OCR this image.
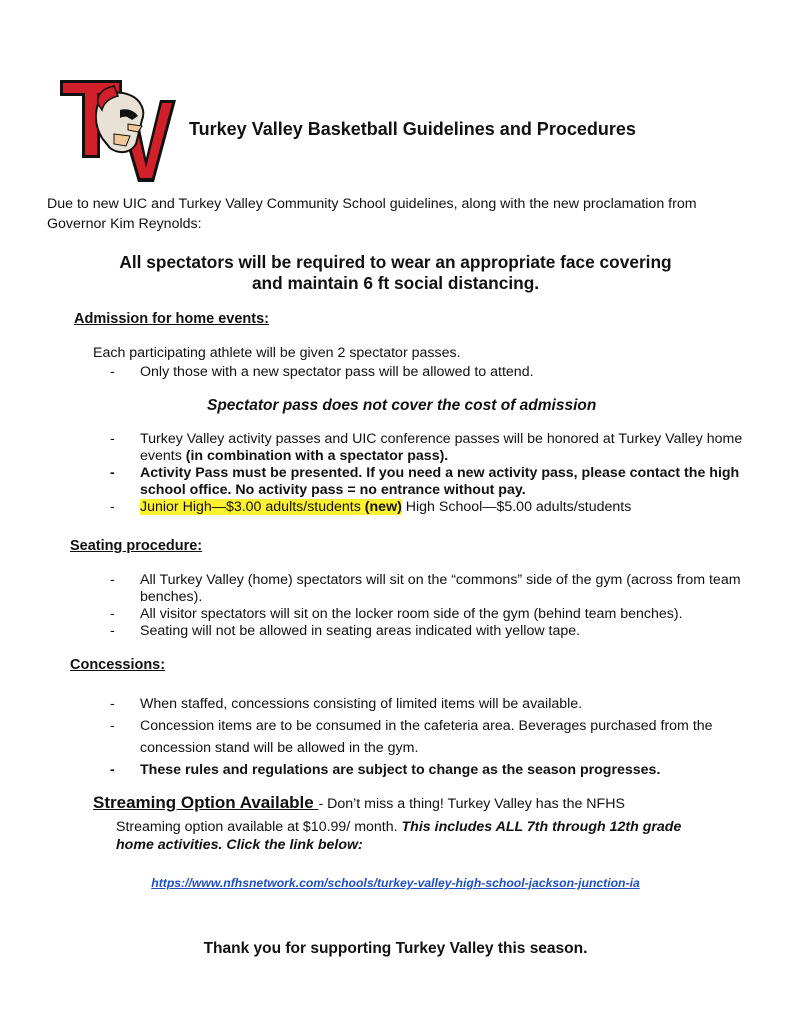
Turkey Valley Basketball Guidelines and Procedures
Due to new UIC and Turkey Valley Community School guidelines, along with the new proclamation from Governor Kim Reynolds:
All spectators will be required to wear an appropriate face covering
and maintain 6 ft social distancing.
Admission for home events:
Each participating athlete will be given 2 spectator passes.
- Only those with a new spectator pass will be allowed to attend.
Spectator pass does not cover the cost of admission
- Turkey Valley activity passes and UIC conference passes will be honored at Turkey Valley home events (in combination with a spectator pass).
- Activity Pass must be presented. If you need a new activity pass, please contact the high school office. No activity pass = no entrance without pay.
- Junior High—$3.00 adults/students (new) High School—$5.00 adults/students
Seating procedure:
- All Turkey Valley (home) spectators will sit on the “commons” side of the gym (across from team benches).
- All visitor spectators will sit on the locker room side of the gym (behind team benches).
- Seating will not be allowed in seating areas indicated with yellow tape.
Concessions:
- When staffed, concessions consisting of limited items will be available.
- Concession items are to be consumed in the cafeteria area. Beverages purchased from the concession stand will be allowed in the gym.
- These rules and regulations are subject to change as the season progresses.
Streaming Option Available - Don’t miss a thing! Turkey Valley has the NFHS
Streaming option available at $10.99/ month. This includes ALL 7th through 12th grade
home activities. Click the link below:
https://www.nfhsnetwork.com/schools/turkey-valley-high-school-jackson-junction-ia
Thank you for supporting Turkey Valley this season.
